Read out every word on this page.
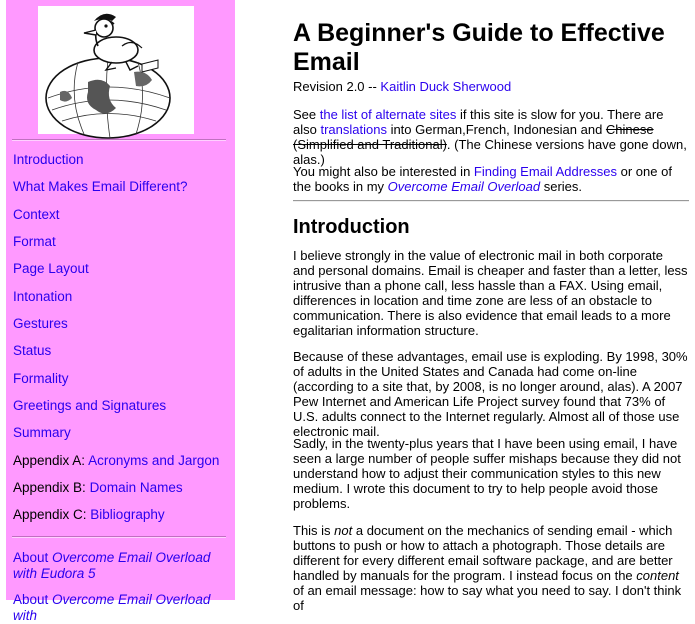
Introduction
What Makes Email Different?
Context
Format
Page Layout
Intonation
Gestures
Status
Formality
Greetings and Signatures
Summary
Appendix A: Acronyms and Jargon
Appendix B: Domain Names
Appendix C: Bibliography
About Overcome Email Overload with Eudora 5
About Overcome Email Overload with
A Beginner's Guide to Effective Email
Revision 2.0 -- Kaitlin Duck Sherwood

See the list of alternate sites if this site is slow for you. There are also translations into German,French, Indonesian and Chinese (Simplified and Traditional). (The Chinese versions have gone down, alas.)

You might also be interested in Finding Email Addresses or one of the books in my Overcome Email Overload series.

Introduction

I believe strongly in the value of electronic mail in both corporate and personal domains. Email is cheaper and faster than a letter, less intrusive than a phone call, less hassle than a FAX. Using email, differences in location and time zone are less of an obstacle to communication. There is also evidence that email leads to a more egalitarian information structure.

Because of these advantages, email use is exploding. By 1998, 30% of adults in the United States and Canada had come on-line (according to a site that, by 2008, is no longer around, alas). A 2007 Pew Internet and American Life Project survey found that 73% of U.S. adults connect to the Internet regularly. Almost all of those use electronic mail.

Sadly, in the twenty-plus years that I have been using email, I have seen a large number of people suffer mishaps because they did not understand how to adjust their communication styles to this new medium. I wrote this document to try to help people avoid those problems.

This is not a document on the mechanics of sending email - which buttons to push or how to attach a photograph. Those details are different for every different email software package, and are better handled by manuals for the program. I instead focus on the content of an email message: how to say what you need to say. I don't think of
